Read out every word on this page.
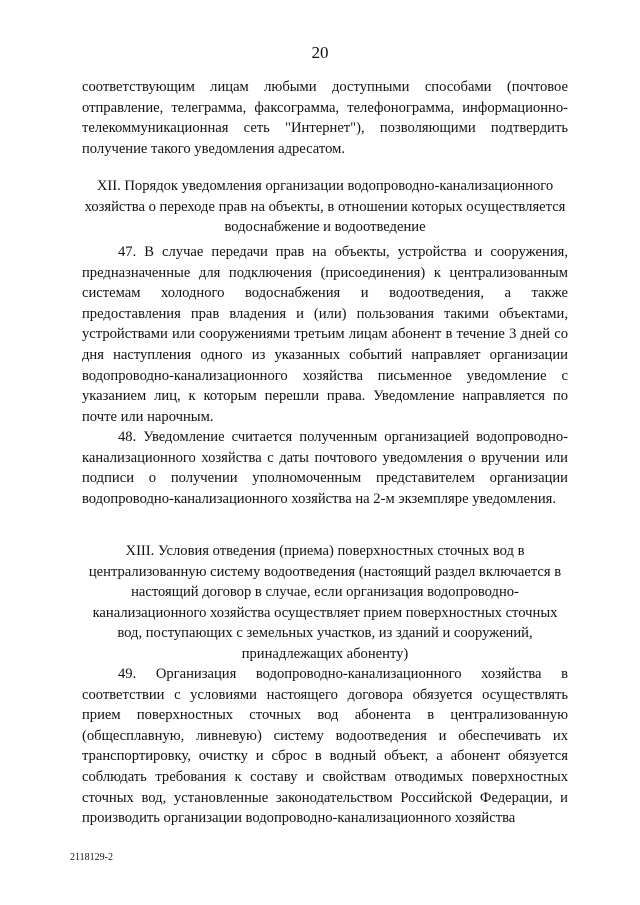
20

соответствующим лицам любыми доступными способами (почтовое отправление, телеграмма, факсограмма, телефонограмма, информационно-телекоммуникационная сеть "Интернет"), позволяющими подтвердить получение такого уведомления адресатом.

XII. Порядок уведомления организации водопроводно-канализационного хозяйства о переходе прав на объекты, в отношении которых осуществляется водоснабжение и водоотведение

47. В случае передачи прав на объекты, устройства и сооружения, предназначенные для подключения (присоединения) к централизованным системам холодного водоснабжения и водоотведения, а также предоставления прав владения и (или) пользования такими объектами, устройствами или сооружениями третьим лицам абонент в течение 3 дней со дня наступления одного из указанных событий направляет организации водопроводно-канализационного хозяйства письменное уведомление с указанием лиц, к которым перешли права. Уведомление направляется по почте или нарочным.

48. Уведомление считается полученным организацией водопроводно-канализационного хозяйства с даты почтового уведомления о вручении или подписи о получении уполномоченным представителем организации водопроводно-канализационного хозяйства на 2-м экземпляре уведомления.

XIII. Условия отведения (приема) поверхностных сточных вод в централизованную систему водоотведения (настоящий раздел включается в настоящий договор в случае, если организация водопроводно-канализационного хозяйства осуществляет прием поверхностных сточных вод, поступающих с земельных участков, из зданий и сооружений, принадлежащих абоненту)

49. Организация водопроводно-канализационного хозяйства в соответствии с условиями настоящего договора обязуется осуществлять прием поверхностных сточных вод абонента в централизованную (общесплавную, ливневую) систему водоотведения и обеспечивать их транспортировку, очистку и сброс в водный объект, а абонент обязуется соблюдать требования к составу и свойствам отводимых поверхностных сточных вод, установленные законодательством Российской Федерации, и производить организации водопроводно-канализационного хозяйства

2118129-2
